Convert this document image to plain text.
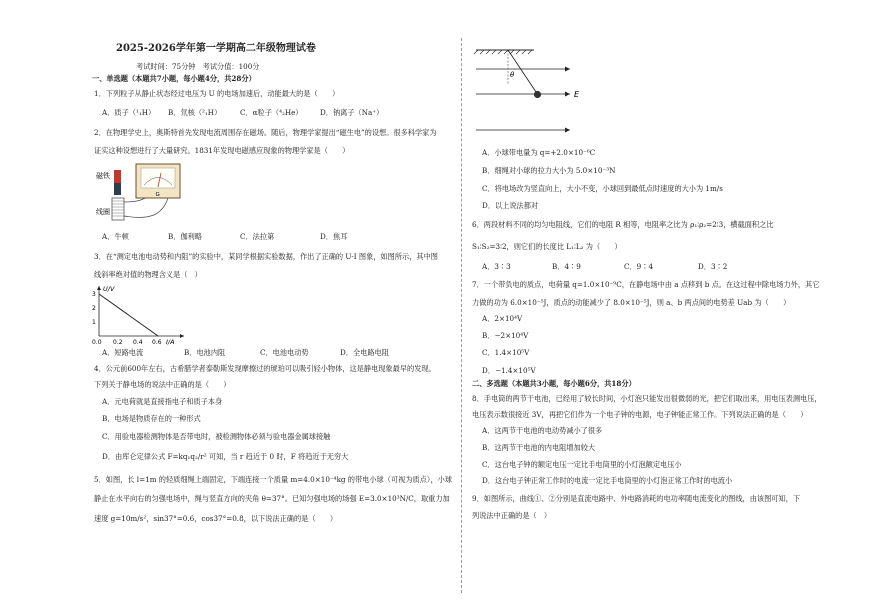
2025-2026学年第一学期高二年级物理试卷
考试时间：75分钟　考试分值：100分
一、单选题（本题共7小题，每小题4分，共28分）
1．下列粒子从静止状态经过电压为 U 的电场加速后，动能最大的是（　　）
A．质子（¹₁H） B．氘核（²₁H）	C．α粒子（⁴₂He） D．钠离子（Na⁺）
2．在物理学史上，奥斯特首先发现电流周围存在磁场。随后，物理学家提出“磁生电”的设想。很多科学家为
证实这种设想进行了大量研究。1831年发现电磁感应现象的物理学家是（　　）
磁铁
线圈
G
A．牛顿	B．伽利略	C．法拉第	D．焦耳
3．在“测定电池电动势和内阻”的实验中，某同学根据实验数据，作出了正确的 U-I 图象，如图所示，其中图
线斜率绝对值的物理含义是（　）
U/V
I/A
3
2
1
0.0 0.2 0.4 0.6
A．短路电流	B．电池内阻	C．电池电动势	D．全电路电阻
4．公元前600年左右，古希腊学者泰勒斯发现摩擦过的琥珀可以吸引轻小物体，这是静电现象最早的发现。
下列关于静电场的说法中正确的是（　　）
A．元电荷就是直接指电子和质子本身
B．电场是物质存在的一种形式
C．用验电器检测物体是否带电时，被检测物体必须与验电器金属球接触
D．由库仑定律公式 F=kq₁q₂/r² 可知，当 r 趋近于 0 时，F 将趋近于无穷大
5．如图，长 l=1m 的轻质细绳上端固定，下端连接一个质量 m=4.0×10⁻⁴kg 的带电小球（可视为质点），小球
静止在水平向右的匀强电场中，绳与竖直方向的夹角 θ=37°。已知匀强电场的场强 E=3.0×10³N/C，取重力加
速度 g=10m/s²，sin37°=0.6，cos37°=0.8，以下说法正确的是（　　）
θ
E
A．小球带电量为 q=+2.0×10⁻⁶C
B．细绳对小球的拉力大小为 5.0×10⁻³N
C．将电场改为竖直向上，大小不变，小球回到最低点时速度的大小为 1m/s
D．以上说法都对
6．两段材料不同的均匀电阻线，它们的电阻 R 相等，电阻率之比为 ρ₁∶ρ₂=2∶3，横截面积之比
S₁∶S₂=3∶2，则它们的长度比 L₁∶L₂ 为（　　）
A．3∶3	B．4∶9	C．9∶4	D．3∶2
7．一个带负电的质点，电荷量 q=1.0×10⁻⁹C，在静电场中由 a 点移到 b 点。在这过程中除电场力外，其它
力做的功为 6.0×10⁻⁵J，质点的动能减少了 8.0×10⁻⁵J，则 a、b 两点间的电势差 Uab 为（　　）
A．2×10⁴V
B．−2×10⁴V
C．1.4×10⁵V
D．−1.4×10⁵V
二、多选题（本题共3小题，每小题6分，共18分）
8．手电筒的两节干电池，已经用了较长时间，小灯泡只能发出很微弱的光，把它们取出来，用电压表测电压，
电压表示数很接近 3V，再把它们作为一个电子钟的电源，电子钟能正常工作。下列说法正确的是（　　）
A．这两节干电池的电动势减小了很多
B．这两节干电池的内电阻增加较大
C．这台电子钟的额定电压一定比手电筒里的小灯泡额定电压小
D．这台电子钟正常工作时的电流一定比手电筒里的小灯泡正常工作时的电流小
9．如图所示，曲线①、②分别是直流电路中、外电路消耗的电功率随电流变化的图线，由该图可知，下
列说法中正确的是（　）
